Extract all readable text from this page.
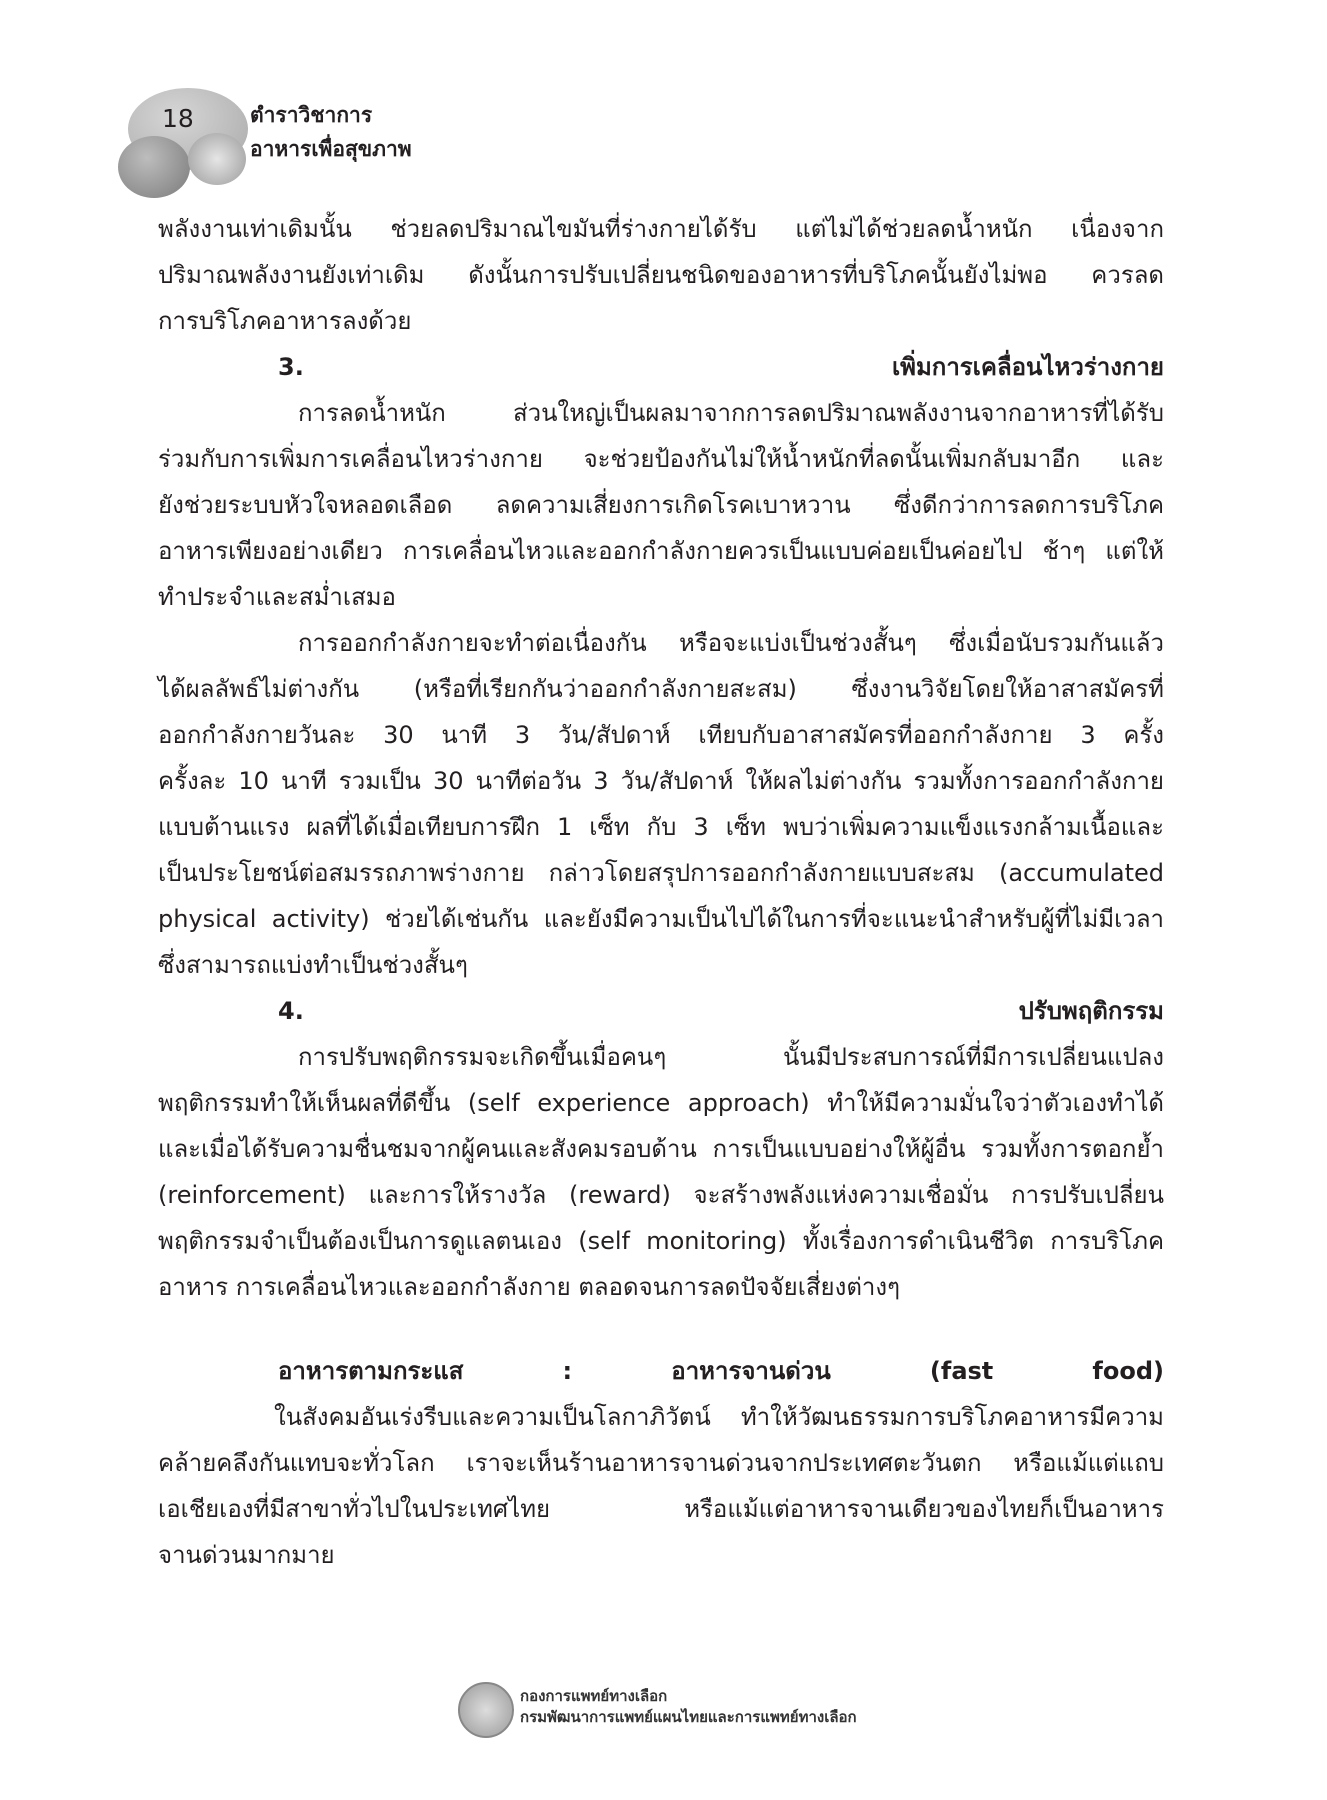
18	ตำราวิชาการ
อาหารเพื่อสุขภาพ
พลังงานเท่าเดิมนั้น ช่วยลดปริมาณไขมันที่ร่างกายได้รับ แต่ไม่ได้ช่วยลดน้ำหนัก เนื่องจาก
ปริมาณพลังงานยังเท่าเดิม ดังนั้นการปรับเปลี่ยนชนิดของอาหารที่บริโภคนั้นยังไม่พอ ควรลด
การบริโภคอาหารลงด้วย
3. เพิ่มการเคลื่อนไหวร่างกาย
การลดน้ำหนัก ส่วนใหญ่เป็นผลมาจากการลดปริมาณพลังงานจากอาหารที่ได้รับ
ร่วมกับการเพิ่มการเคลื่อนไหวร่างกาย จะช่วยป้องกันไม่ให้น้ำหนักที่ลดนั้นเพิ่มกลับมาอีก และ
ยังช่วยระบบหัวใจหลอดเลือด ลดความเสี่ยงการเกิดโรคเบาหวาน ซึ่งดีกว่าการลดการบริโภค
อาหารเพียงอย่างเดียว การเคลื่อนไหวและออกกำลังกายควรเป็นแบบค่อยเป็นค่อยไป ช้าๆ แต่ให้
ทำประจำและสม่ำเสมอ
การออกกำลังกายจะทำต่อเนื่องกัน หรือจะแบ่งเป็นช่วงสั้นๆ ซึ่งเมื่อนับรวมกันแล้ว
ได้ผลลัพธ์ไม่ต่างกัน (หรือที่เรียกกันว่าออกกำลังกายสะสม) ซึ่งงานวิจัยโดยให้อาสาสมัครที่
ออกกำลังกายวันละ 30 นาที 3 วัน/สัปดาห์ เทียบกับอาสาสมัครที่ออกกำลังกาย 3 ครั้ง
ครั้งละ 10 นาที รวมเป็น 30 นาทีต่อวัน 3 วัน/สัปดาห์ ให้ผลไม่ต่างกัน รวมทั้งการออกกำลังกาย
แบบต้านแรง ผลที่ได้เมื่อเทียบการฝึก 1 เซ็ท กับ 3 เซ็ท พบว่าเพิ่มความแข็งแรงกล้ามเนื้อและ
เป็นประโยชน์ต่อสมรรถภาพร่างกาย กล่าวโดยสรุปการออกกำลังกายแบบสะสม (accumulated
physical activity) ช่วยได้เช่นกัน และยังมีความเป็นไปได้ในการที่จะแนะนำสำหรับผู้ที่ไม่มีเวลา
ซึ่งสามารถแบ่งทำเป็นช่วงสั้นๆ
4. ปรับพฤติกรรม
การปรับพฤติกรรมจะเกิดขึ้นเมื่อคนๆ นั้นมีประสบการณ์ที่มีการเปลี่ยนแปลง
พฤติกรรมทำให้เห็นผลที่ดีขึ้น (self experience approach) ทำให้มีความมั่นใจว่าตัวเองทำได้
และเมื่อได้รับความชื่นชมจากผู้คนและสังคมรอบด้าน การเป็นแบบอย่างให้ผู้อื่น รวมทั้งการตอกย้ำ
(reinforcement) และการให้รางวัล (reward) จะสร้างพลังแห่งความเชื่อมั่น การปรับเปลี่ยน
พฤติกรรมจำเป็นต้องเป็นการดูแลตนเอง (self monitoring) ทั้งเรื่องการดำเนินชีวิต การบริโภค
อาหาร การเคลื่อนไหวและออกกำลังกาย ตลอดจนการลดปัจจัยเสี่ยงต่างๆ
อาหารตามกระแส : อาหารจานด่วน (fast food)
ในสังคมอันเร่งรีบและความเป็นโลกาภิวัตน์ ทำให้วัฒนธรรมการบริโภคอาหารมีความ
คล้ายคลึงกันแทบจะทั่วโลก เราจะเห็นร้านอาหารจานด่วนจากประเทศตะวันตก หรือแม้แต่แถบ
เอเชียเองที่มีสาขาทั่วไปในประเทศไทย หรือแม้แต่อาหารจานเดียวของไทยก็เป็นอาหาร
จานด่วนมากมาย
กองการแพทย์ทางเลือก
กรมพัฒนาการแพทย์แผนไทยและการแพทย์ทางเลือก
